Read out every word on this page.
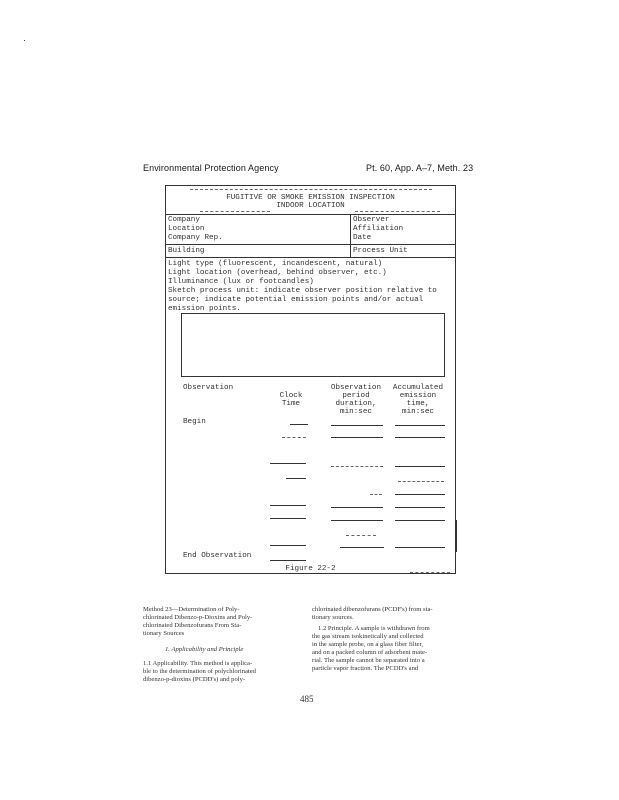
Environmental Protection Agency	Pt. 60, App. A–7, Meth. 23
FUGITIVE OR SMOKE EMISSION INSPECTION
INDOOR LOCATION
Company
Location
Company Rep.
Observer
Affiliation
Date
Building	Process Unit
Light type (fluorescent, incandescent, natural)
Light location (overhead, behind observer, etc.)
Illuminance (lux or footcandles)
Sketch process unit: indicate observer position relative to
source; indicate potential emission points and/or actual
emission points.
Observation
Clock
Time
Observation
period
duration,
min:sec
Accumulated
emission
time,
min:sec
Begin
End Observation
Figure 22-2
Method 23—Determination of Poly-
chlorinated Dibenzo-p-Dioxins and Poly-
chlorinated Dibenzofurans From Sta-
tionary Sources
1. Applicability and Principle
1.1 Applicability. This method is applica-
ble to the determination of polychlorinated
dibenzo-p-dioxins (PCDD's) and poly-
chlorinated dibenzofurans (PCDF's) from sta-
tionary sources.
1.2 Principle. A sample is withdrawn from
the gas stream isokinetically and collected
in the sample probe, on a glass fiber filter,
and on a packed column of adsorbent mate-
rial. The sample cannot be separated into a
particle vapor fraction. The PCDD's and
485
